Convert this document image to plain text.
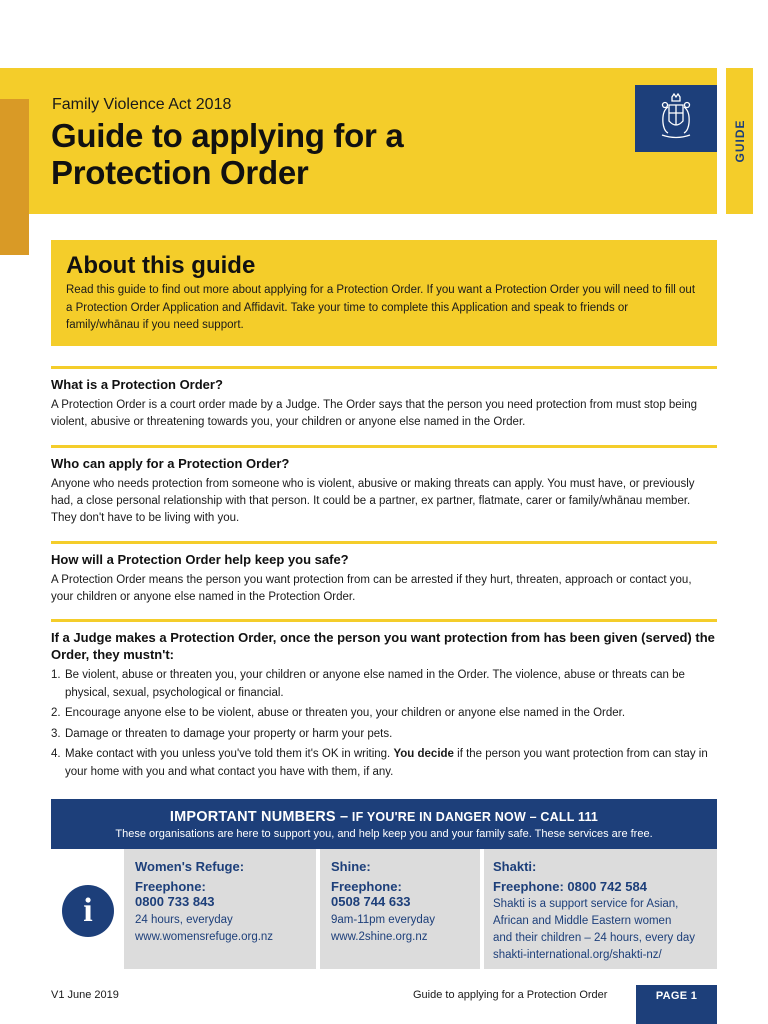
GUIDE
Family Violence Act 2018
Guide to applying for a
Protection Order
About this guide
Read this guide to find out more about applying for a Protection Order. If you want a Protection Order you will need to fill out a Protection Order Application and Affidavit. Take your time to complete this Application and speak to friends or family/whānau if you need support.
What is a Protection Order?

A Protection Order is a court order made by a Judge. The Order says that the person you need protection from must stop being violent, abusive or threatening towards you, your children or anyone else named in the Order.

Who can apply for a Protection Order?

Anyone who needs protection from someone who is violent, abusive or making threats can apply. You must have, or previously had, a close personal relationship with that person. It could be a partner, ex partner, flatmate, carer or family/whānau member. They don't have to be living with you.

How will a Protection Order help keep you safe?

A Protection Order means the person you want protection from can be arrested if they hurt, threaten, approach or contact you, your children or anyone else named in the Protection Order.

If a Judge makes a Protection Order, once the person you want protection from has been given (served) the Order, they mustn't:
1. Be violent, abuse or threaten you, your children or anyone else named in the Order. The violence, abuse or threats can be physical, sexual, psychological or financial.
2. Encourage anyone else to be violent, abuse or threaten you, your children or anyone else named in the Order.
3. Damage or threaten to damage your property or harm your pets.
4. Make contact with you unless you've told them it's OK in writing. You decide if the person you want protection from can stay in your home with you and what contact you have with them, if any.
IMPORTANT NUMBERS – IF YOU'RE IN DANGER NOW – CALL 111
These organisations are here to support you, and help keep you and your family safe. These services are free.
i
Women's Refuge:
Freephone:
0800 733 843
24 hours, everyday
www.womensrefuge.org.nz
Shine:
Freephone:
0508 744 633
9am-11pm everyday
www.2shine.org.nz
Shakti:
Freephone: 0800 742 584
Shakti is a support service for Asian,
African and Middle Eastern women
and their children – 24 hours, every day
shakti-international.org/shakti-nz/
V1 June 2019	Guide to applying for a Protection Order	PAGE 1
